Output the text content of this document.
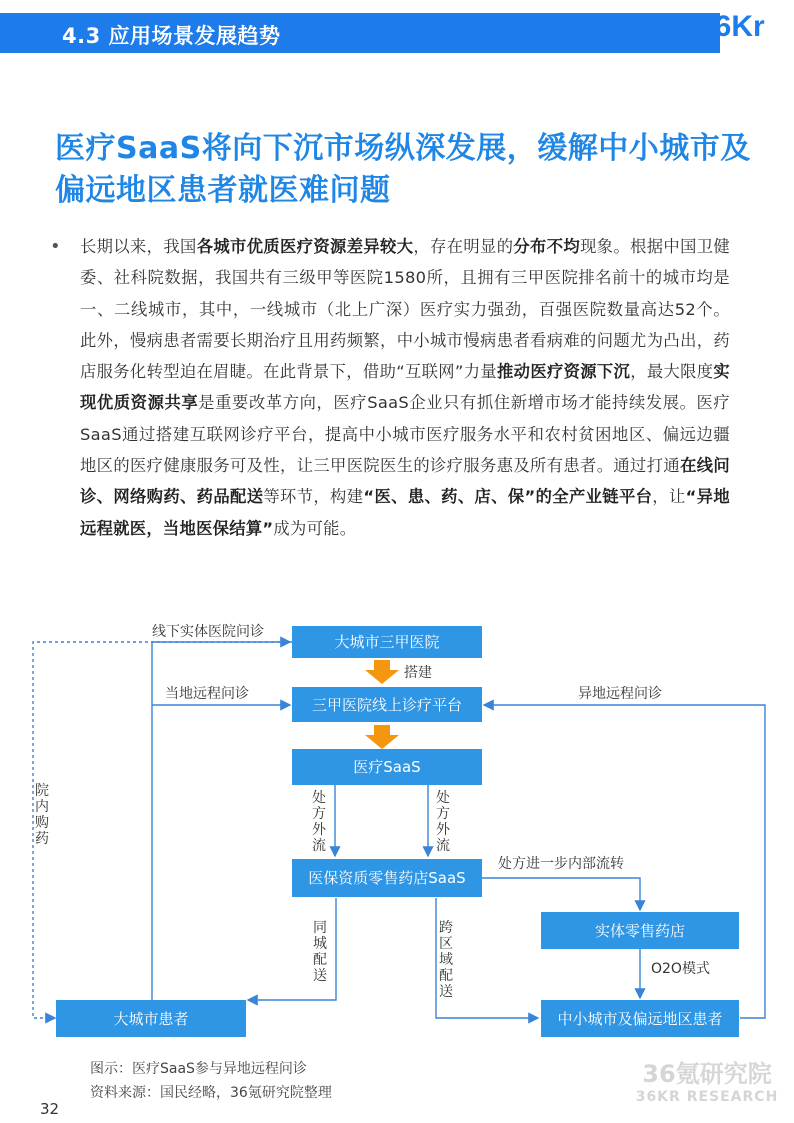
4.3 应用场景发展趋势	36Kr
医疗SaaS将向下沉市场纵深发展，缓解中小城市及偏远地区患者就医难问题
• 长期以来，我国各城市优质医疗资源差异较大，存在明显的分布不均现象。根据中国卫健委、社科院数据，我国共有三级甲等医院1580所，且拥有三甲医院排名前十的城市均是一、二线城市，其中，一线城市（北上广深）医疗实力强劲，百强医院数量高达52个。此外，慢病患者需要长期治疗且用药频繁，中小城市慢病患者看病难的问题尤为凸出，药店服务化转型迫在眉睫。在此背景下，借助“互联网”力量推动医疗资源下沉，最大限度实现优质资源共享是重要改革方向，医疗SaaS企业只有抓住新增市场才能持续发展。医疗SaaS通过搭建互联网诊疗平台，提高中小城市医疗服务水平和农村贫困地区、偏远边疆地区的医疗健康服务可及性，让三甲医院医生的诊疗服务惠及所有患者。通过打通在线问诊、网络购药、药品配送等环节，构建“医、患、药、店、保”的全产业链平台，让“异地远程就医，当地医保结算”成为可能。
大城市三甲医院
三甲医院线上诊疗平台
医疗SaaS
医保资质零售药店SaaS
实体零售药店
大城市患者	中小城市及偏远地区患者
线下实体医院问诊
搭建
当地远程问诊	异地远程问诊
处方进一步内部流转
O2O模式
院内购药
处方外流
处方外流
同城配送
跨区域配送
图示：医疗SaaS参与异地远程问诊
资料来源：国民经略，36氪研究院整理
32
36氪研究院
36KR RESEARCH
